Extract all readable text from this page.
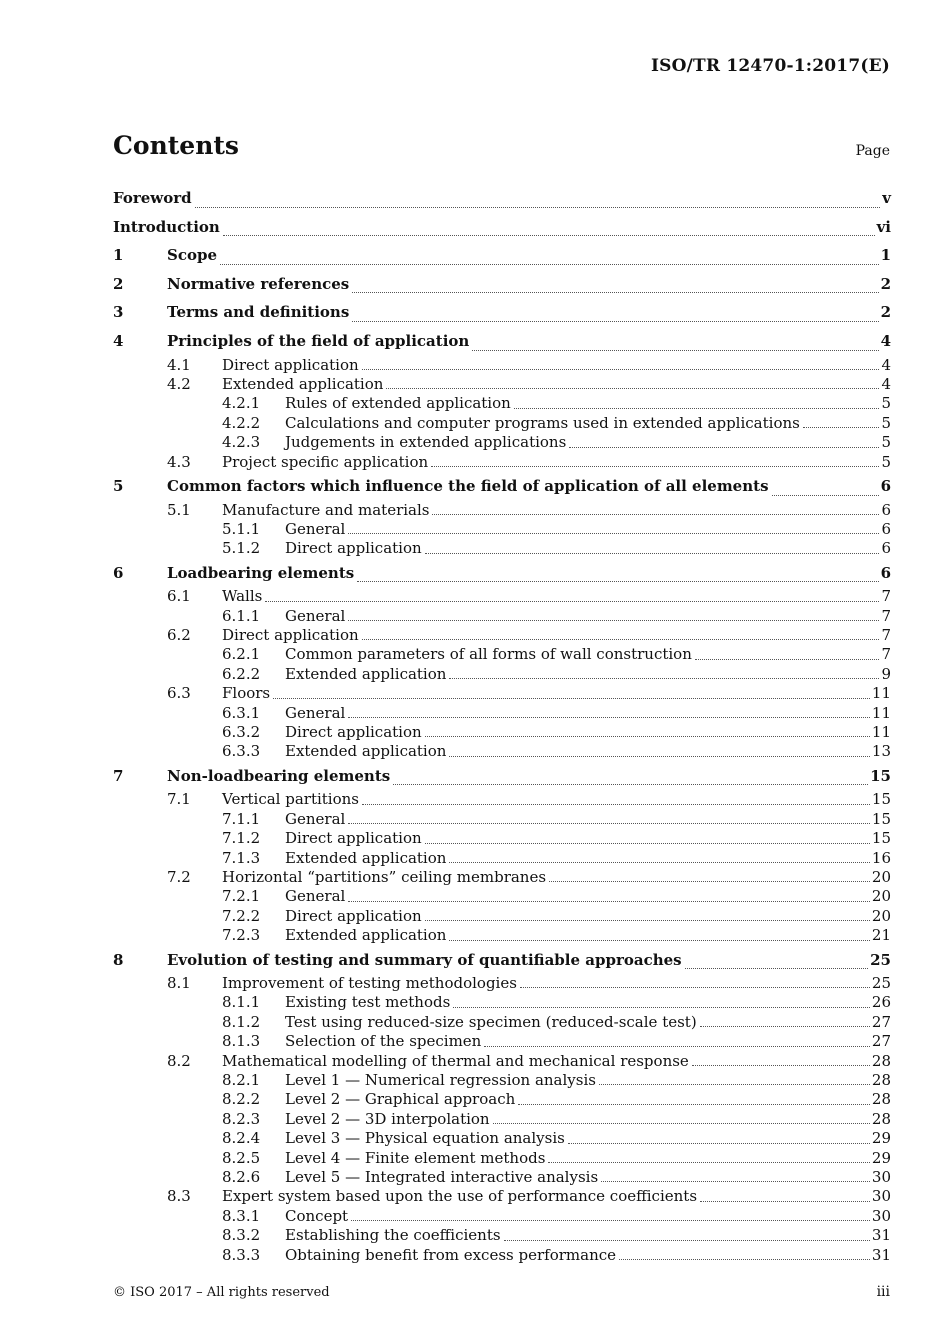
ISO/TR 12470-1:2017(E)
Contents	Page
Foreword	v
Introduction	vi
1	Scope	1
2	Normative references	2
3	Terms and definitions	2
4	Principles of the field of application	4
4.1	Direct application	4
4.2	Extended application	4
4.2.1	Rules of extended application	5
4.2.2	Calculations and computer programs used in extended applications	5
4.2.3	Judgements in extended applications	5
4.3	Project specific application	5
5	Common factors which influence the field of application of all elements	6
5.1	Manufacture and materials	6
5.1.1	General	6
5.1.2	Direct application	6
6	Loadbearing elements	6
6.1	Walls	7
6.1.1	General	7
6.2	Direct application	7
6.2.1	Common parameters of all forms of wall construction	7
6.2.2	Extended application	9
6.3	Floors	11
6.3.1	General	11
6.3.2	Direct application	11
6.3.3	Extended application	13
7	Non-loadbearing elements	15
7.1	Vertical partitions	15
7.1.1	General	15
7.1.2	Direct application	15
7.1.3	Extended application	16
7.2	Horizontal “partitions” ceiling membranes	20
7.2.1	General	20
7.2.2	Direct application	20
7.2.3	Extended application	21
8	Evolution of testing and summary of quantifiable approaches	25
8.1	Improvement of testing methodologies	25
8.1.1	Existing test methods	26
8.1.2	Test using reduced-size specimen (reduced-scale test)	27
8.1.3	Selection of the specimen	27
8.2	Mathematical modelling of thermal and mechanical response	28
8.2.1	Level 1 — Numerical regression analysis	28
8.2.2	Level 2 — Graphical approach	28
8.2.3	Level 2 — 3D interpolation	28
8.2.4	Level 3 — Physical equation analysis	29
8.2.5	Level 4 — Finite element methods	29
8.2.6	Level 5 — Integrated interactive analysis	30
8.3	Expert system based upon the use of performance coefficients	30
8.3.1	Concept	30
8.3.2	Establishing the coefficients	31
8.3.3	Obtaining benefit from excess performance	31
© ISO 2017 – All rights reserved	iii
